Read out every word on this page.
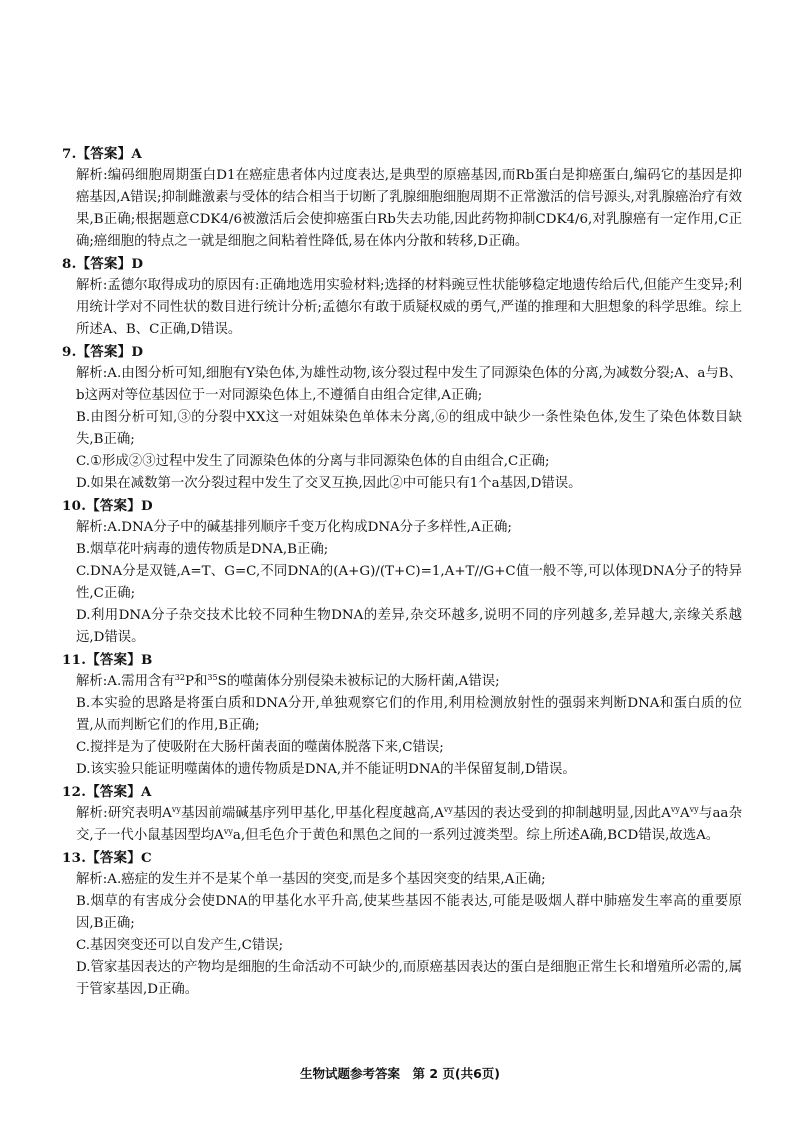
7.【答案】A

解析:编码细胞周期蛋白D1在癌症患者体内过度表达,是典型的原癌基因,而Rb蛋白是抑癌蛋白,编码它的基因是抑癌基因,A错误;抑制雌激素与受体的结合相当于切断了乳腺细胞细胞周期不正常激活的信号源头,对乳腺癌治疗有效果,B正确;根据题意CDK4/6被激活后会使抑癌蛋白Rb失去功能,因此药物抑制CDK4/6,对乳腺癌有一定作用,C正确;癌细胞的特点之一就是细胞之间粘着性降低,易在体内分散和转移,D正确。

8.【答案】D

解析:孟德尔取得成功的原因有:正确地选用实验材料;选择的材料豌豆性状能够稳定地遗传给后代,但能产生变异;利用统计学对不同性状的数目进行统计分析;孟德尔有敢于质疑权威的勇气,严谨的推理和大胆想象的科学思维。综上所述A、B、C正确,D错误。

9.【答案】D

解析:A.由图分析可知,细胞有Y染色体,为雄性动物,该分裂过程中发生了同源染色体的分离,为减数分裂;A、a与B、b这两对等位基因位于一对同源染色体上,不遵循自由组合定律,A正确;

B.由图分析可知,③的分裂中XX这一对姐妹染色单体未分离,⑥的组成中缺少一条性染色体,发生了染色体数目缺失,B正确;

C.①形成②③过程中发生了同源染色体的分离与非同源染色体的自由组合,C正确;

D.如果在减数第一次分裂过程中发生了交叉互换,因此②中可能只有1个a基因,D错误。

10.【答案】D

解析:A.DNA分子中的碱基排列顺序千变万化构成DNA分子多样性,A正确;

B.烟草花叶病毒的遗传物质是DNA,B正确;

C.DNA分是双链,A=T、G=C,不同DNA的(A+G)/(T+C)=1,A+T//G+C值一般不等,可以体现DNA分子的特异性,C正确;

D.利用DNA分子杂交技术比较不同种生物DNA的差异,杂交环越多,说明不同的序列越多,差异越大,亲缘关系越远,D错误。

11.【答案】B

解析:A.需用含有$^{32}$P和$^{35}$S的噬菌体分别侵染未被标记的大肠杆菌,A错误;

B.本实验的思路是将蛋白质和DNA分开,单独观察它们的作用,利用检测放射性的强弱来判断DNA和蛋白质的位置,从而判断它们的作用,B正确;

C.搅拌是为了使吸附在大肠杆菌表面的噬菌体脱落下来,C错误;

D.该实验只能证明噬菌体的遗传物质是DNA,并不能证明DNA的半保留复制,D错误。

12.【答案】A

解析:研究表明$A^{vy}$基因前端碱基序列甲基化,甲基化程度越高$,A^{vy}$基因的表达受到的抑制越明显,因此$A^{vy}A^{vy}$与aa杂交,子一代小鼠基因型均$A^{vy}a$,但毛色介于黄色和黑色之间的一系列过渡类型。综上所述A确,BCD错误,故选A。

13.【答案】C

解析:A.癌症的发生并不是某个单一基因的突变,而是多个基因突变的结果,A正确;

B.烟草的有害成分会使DNA的甲基化水平升高,使某些基因不能表达,可能是吸烟人群中肺癌发生率高的重要原因,B正确;

C.基因突变还可以自发产生,C错误;

D.管家基因表达的产物均是细胞的生命活动不可缺少的,而原癌基因表达的蛋白是细胞正常生长和增殖所必需的,属于管家基因,D正确。

生物试题参考答案　第 2 页(共6页)
